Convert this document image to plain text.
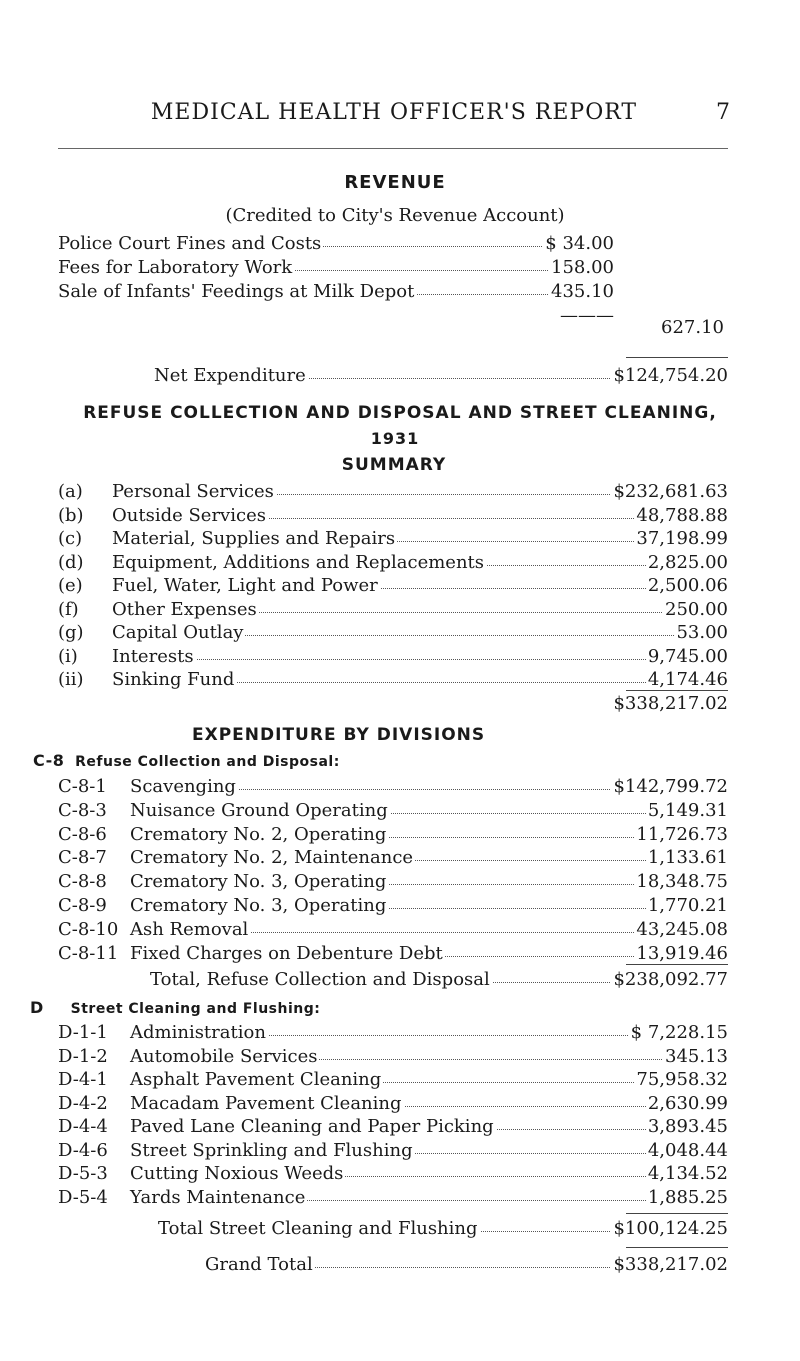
MEDICAL HEALTH OFFICER'S REPORT	7
REVENUE
(Credited to City's Revenue Account)
Police Court Fines and Costs	$ 34.00
Fees for Laboratory Work	158.00
Sale of Infants' Feedings at Milk Depot	435.10
———
627.10
Net Expenditure	$124,754.20
REFUSE COLLECTION AND DISPOSAL AND STREET CLEANING,
1931
SUMMARY
(a) Personal Services	$232,681.63
(b) Outside Services	48,788.88
(c) Material, Supplies and Repairs	37,198.99
(d) Equipment, Additions and Replacements	2,825.00
(e) Fuel, Water, Light and Power	2,500.06
(f) Other Expenses	250.00
(g) Capital Outlay	53.00
(i) Interests	9,745.00
(ii) Sinking Fund	4,174.46
$338,217.02
EXPENDITURE BY DIVISIONS
C-8 Refuse Collection and Disposal:
C-8-1 Scavenging	$142,799.72
C-8-3 Nuisance Ground Operating	5,149.31
C-8-6 Crematory No. 2, Operating	11,726.73
C-8-7 Crematory No. 2, Maintenance	1,133.61
C-8-8 Crematory No. 3, Operating	18,348.75
C-8-9 Crematory No. 3, Operating	1,770.21
C-8-10 Ash Removal	43,245.08
C-8-11 Fixed Charges on Debenture Debt	13,919.46
Total, Refuse Collection and Disposal	$238,092.77
D Street Cleaning and Flushing:
D-1-1 Administration	$ 7,228.15
D-1-2 Automobile Services	345.13
D-4-1 Asphalt Pavement Cleaning	75,958.32
D-4-2 Macadam Pavement Cleaning	2,630.99
D-4-4 Paved Lane Cleaning and Paper Picking	3,893.45
D-4-6 Street Sprinkling and Flushing	4,048.44
D-5-3 Cutting Noxious Weeds	4,134.52
D-5-4 Yards Maintenance	1,885.25
Total Street Cleaning and Flushing	$100,124.25
Grand Total	$338,217.02
